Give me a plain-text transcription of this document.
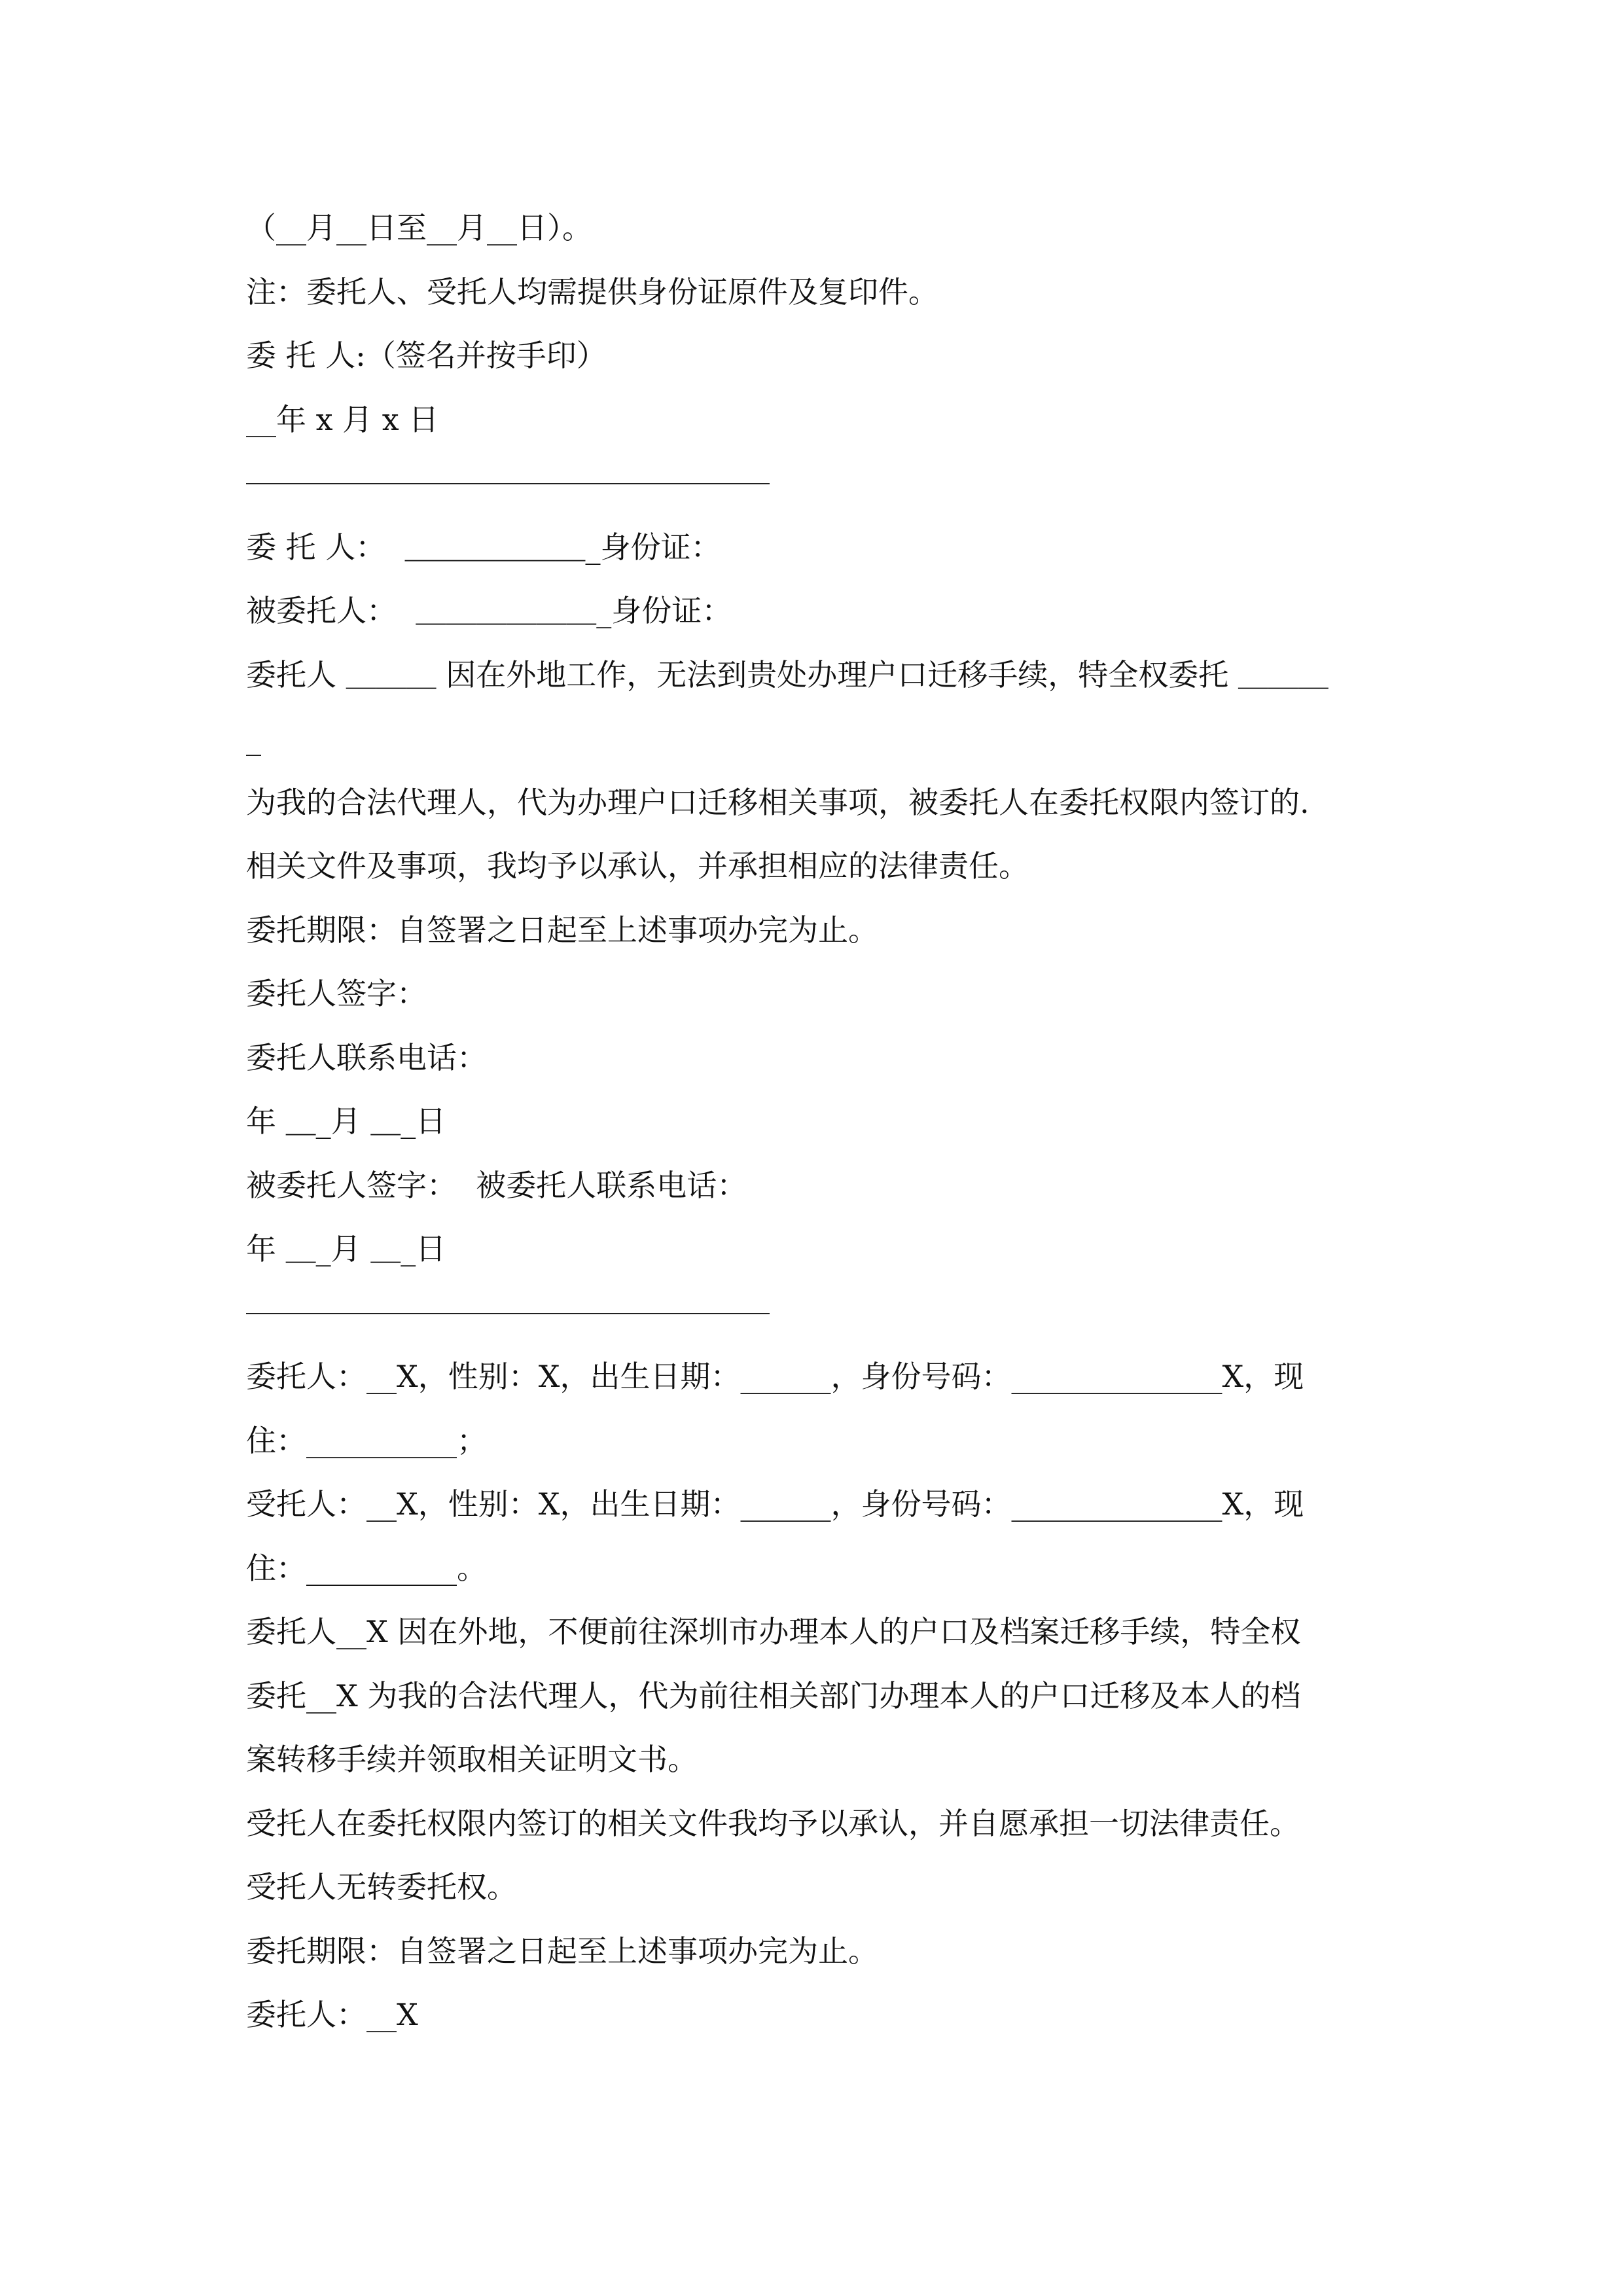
（__月__日至__月__日）。
注：委托人、受托人均需提供身份证原件及复印件。
委 托 人:（签名并按手印）
__年 x 月 x 日
委 托 人：  ＿＿＿＿＿＿_身份证：
被委托人：  ＿＿＿＿＿＿_身份证：
委托人 ＿＿＿ 因在外地工作，无法到贵处办理户口迁移手续，特全权委托 ＿＿＿
_
为我的合法代理人，代为办理户口迁移相关事项，被委托人在委托权限内签订的.
相关文件及事项，我均予以承认，并承担相应的法律责任。
委托期限：自签署之日起至上述事项办完为止。
委托人签字：
委托人联系电话：
年 ＿_月 ＿_日
被委托人签字：  被委托人联系电话：
年 ＿_月 ＿_日
委托人：__X，性别：X，出生日期：______，身份号码：______________X，现
住：__________；
受托人：__X，性别：X，出生日期：______，身份号码：______________X，现
住：__________。
委托人__X 因在外地，不便前往深圳市办理本人的户口及档案迁移手续，特全权
委托__X 为我的合法代理人，代为前往相关部门办理本人的户口迁移及本人的档
案转移手续并领取相关证明文书。
受托人在委托权限内签订的相关文件我均予以承认，并自愿承担一切法律责任。
受托人无转委托权。
委托期限：自签署之日起至上述事项办完为止。
委托人：__X
